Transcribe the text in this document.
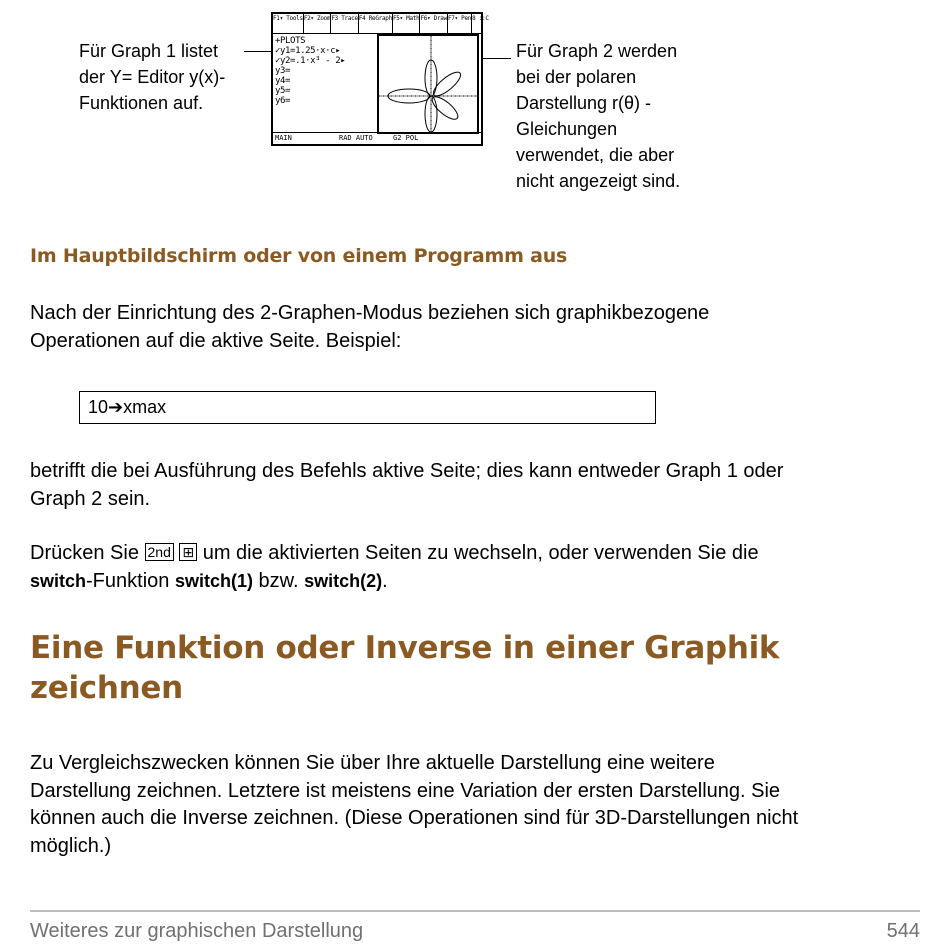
Für Graph 1 listet
der Y= Editor y(x)-
Funktionen auf.
F1▾ Tools F2▾ Zoom F3 Trace F4 ReGraph F5▾ Math F6▾ Draw F7▾ Pen 8 ::C
+PLOTS
✓y1=1.25·x·c▸
✓y2=.1·x³ - 2▸
y3=
y4=
y5=
y6=
MAIN	RAD AUTO	G2 POL
Für Graph 2 werden
bei der polaren
Darstellung r(θ) -
Gleichungen
verwendet, die aber
nicht angezeigt sind.
Im Hauptbildschirm oder von einem Programm aus
Nach der Einrichtung des 2-Graphen-Modus beziehen sich graphikbezogene
Operationen auf die aktive Seite. Beispiel:
10➔xmax
betrifft die bei Ausführung des Befehls aktive Seite; dies kann entweder Graph 1 oder
Graph 2 sein.
Drücken Sie 2nd ⊞ um die aktivierten Seiten zu wechseln, oder verwenden Sie die
switch-Funktion switch(1) bzw. switch(2).
Eine Funktion oder Inverse in einer Graphik
zeichnen
Zu Vergleichszwecken können Sie über Ihre aktuelle Darstellung eine weitere
Darstellung zeichnen. Letztere ist meistens eine Variation der ersten Darstellung. Sie
können auch die Inverse zeichnen. (Diese Operationen sind für 3D-Darstellungen nicht
möglich.)
Weiteres zur graphischen Darstellung	544
